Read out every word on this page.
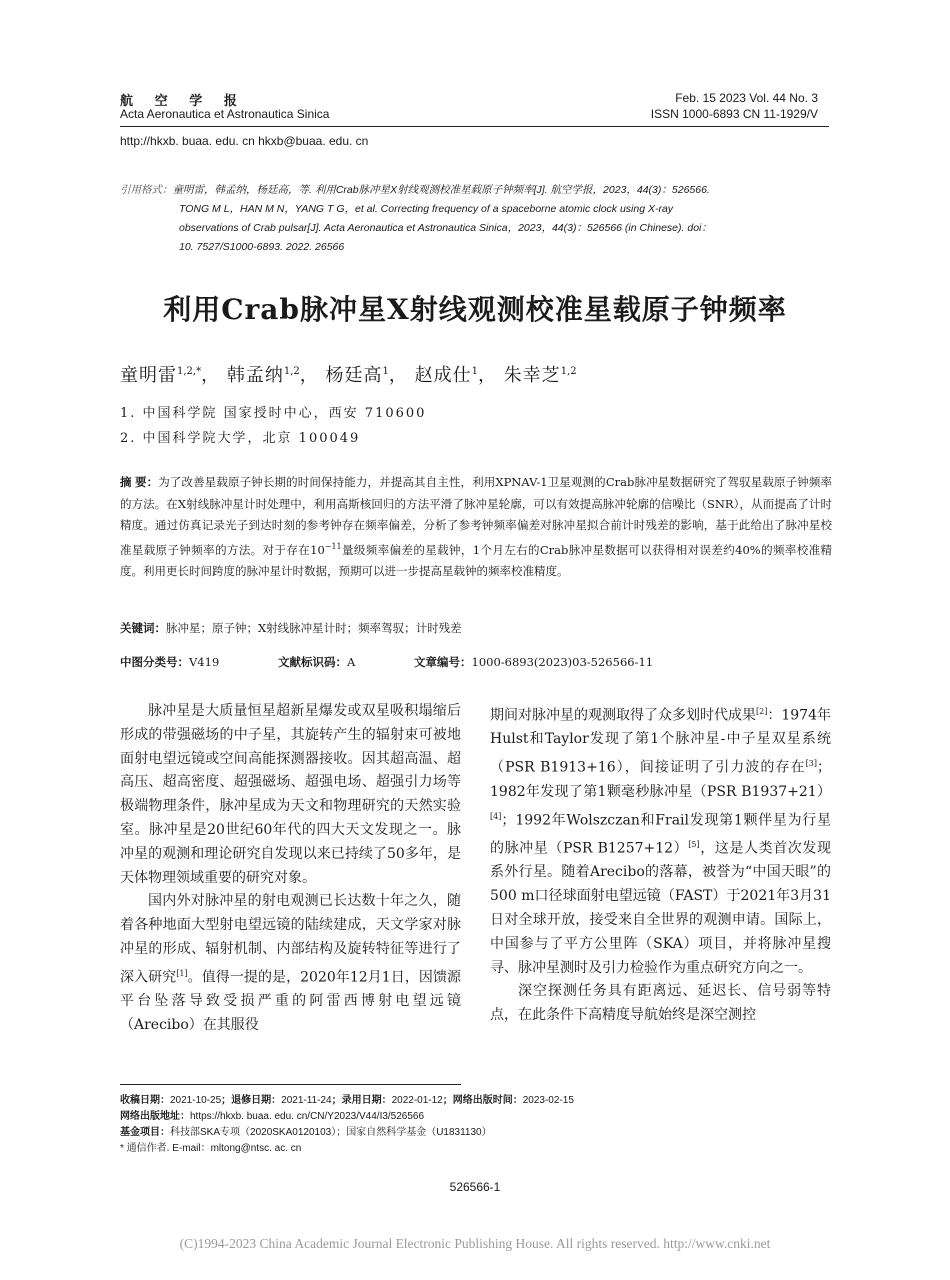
航 空 学 报
Acta Aeronautica et Astronautica Sinica
Feb. 15 2023 Vol. 44 No. 3
ISSN 1000-6893 CN 11-1929/V
http://hkxb. buaa. edu. cn hkxb@buaa. edu. cn
引用格式：童明雷，韩孟纳，杨廷高，等. 利用Crab脉冲星X射线观测校准星载原子钟频率[J]. 航空学报，2023，44(3)：526566.
TONG M L，HAN M N，YANG T G，et al. Correcting frequency of a spaceborne atomic clock using X-ray
observations of Crab pulsar[J]. Acta Aeronautica et Astronautica Sinica，2023，44(3)：526566 (in Chinese). doi：
10. 7527/S1000-6893. 2022. 26566
利用Crab脉冲星X射线观测校准星载原子钟频率
童明雷$^{1,2,*}$， 韩孟纳$^{1,2}$， 杨廷高$^1$， 赵成仕$^1$， 朱幸芝$^{1,2}$
1. 中国科学院 国家授时中心，西安 710600
2. 中国科学院大学，北京 100049
摘 要：为了改善星载原子钟长期的时间保持能力，并提高其自主性，利用XPNAV-1卫星观测的Crab脉冲星数据研究了驾驭星载原子钟频率的方法。在X射线脉冲星计时处理中，利用高斯核回归的方法平滑了脉冲星轮廓，可以有效提高脉冲轮廓的信噪比（SNR），从而提高了计时精度。通过仿真记录光子到达时刻的参考钟存在频率偏差，分析了参考钟频率偏差对脉冲星拟合前计时残差的影响，基于此给出了脉冲星校准星载原子钟频率的方法。对于存在$10^{-11}$量级频率偏差的星载钟，1个月左右的Crab脉冲星数据可以获得相对误差约40%的频率校准精度。利用更长时间跨度的脉冲星计时数据，预期可以进一步提高星载钟的频率校准精度。
关键词：脉冲星；原子钟；X射线脉冲星计时；频率驾驭；计时残差
中图分类号：V419	文献标识码：A	文章编号：1000-6893(2023)03-526566-11

脉冲星是大质量恒星超新星爆发或双星吸积塌缩后形成的带强磁场的中子星，其旋转产生的辐射束可被地面射电望远镜或空间高能探测器接收。因其超高温、超高压、超高密度、超强磁场、超强电场、超强引力场等极端物理条件，脉冲星成为天文和物理研究的天然实验室。脉冲星是20世纪60年代的四大天文发现之一。脉冲星的观测和理论研究自发现以来已持续了50多年，是天体物理领域重要的研究对象。

国内外对脉冲星的射电观测已长达数十年之久，随着各种地面大型射电望远镜的陆续建成，天文学家对脉冲星的形成、辐射机制、内部结构及旋转特征等进行了深入研究[1]。值得一提的是，2020年12月1日，因馈源平台坠落导致受损严重的阿雷西博射电望远镜（Arecibo）在其服役

期间对脉冲星的观测取得了众多划时代成果[2]：1974年Hulst和Taylor发现了第1个脉冲星-中子星双星系统（PSR B1913+16），间接证明了引力波的存在[3]；1982年发现了第1颗毫秒脉冲星（PSR B1937+21）[4]；1992年Wolszczan和Frail发现第1颗伴星为行星的脉冲星（PSR B1257+12）[5]，这是人类首次发现系外行星。随着Arecibo的落幕，被誉为“中国天眼”的500 m口径球面射电望远镜（FAST）于2021年3月31日对全球开放，接受来自全世界的观测申请。国际上，中国参与了平方公里阵（SKA）项目，并将脉冲星搜寻、脉冲星测时及引力检验作为重点研究方向之一。

深空探测任务具有距离远、延迟长、信号弱等特点，在此条件下高精度导航始终是深空测控

收稿日期：2021-10-25；退修日期：2021-11-24；录用日期：2022-01-12；网络出版时间：2023-02-15
网络出版地址：https://hkxb. buaa. edu. cn/CN/Y2023/V44/I3/526566
基金项目：科技部SKA专项（2020SKA0120103）；国家自然科学基金（U1831130）
* 通信作者. E-mail：mltong@ntsc. ac. cn
526566-1
(C)1994-2023 China Academic Journal Electronic Publishing House. All rights reserved. http://www.cnki.net
